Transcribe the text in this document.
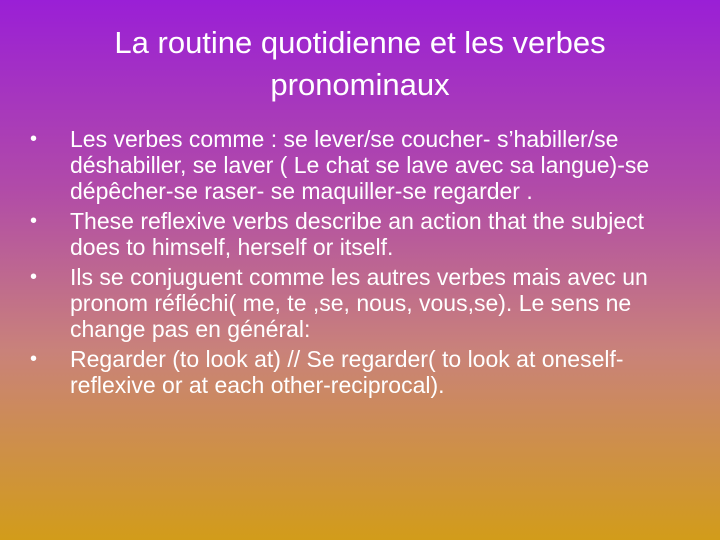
La routine quotidienne et les verbes pronominaux
•	Les verbes comme : se lever/se coucher- s’habiller/se déshabiller, se laver ( Le chat se lave avec sa langue)-se dépêcher-se raser- se maquiller-se regarder .
•	These reflexive verbs describe an action that the subject does to himself, herself or itself.
•	Ils se conjuguent comme les autres verbes mais avec un pronom réfléchi( me, te ,se, nous, vous,se). Le sens ne change pas en général:
•	Regarder (to look at) // Se regarder( to look at oneself-reflexive or at each other-reciprocal).
